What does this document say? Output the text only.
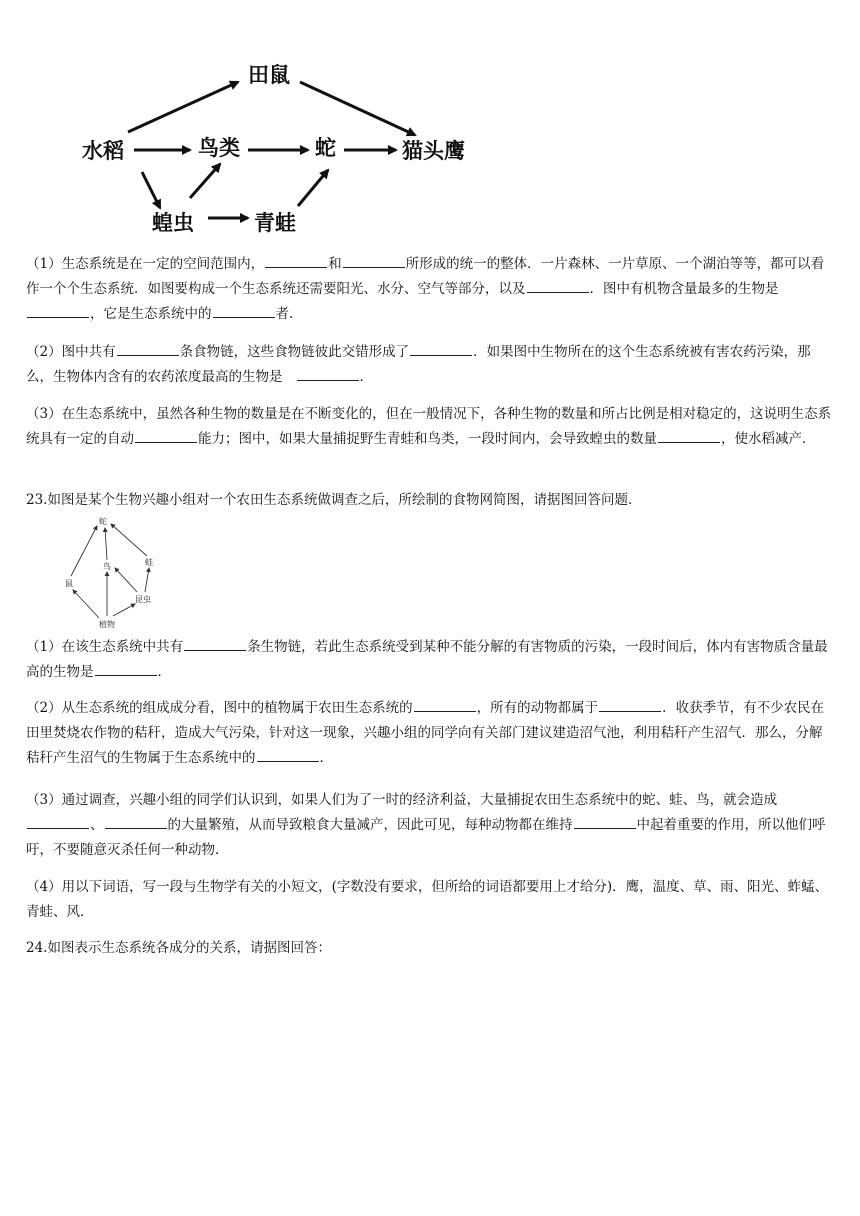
田鼠
水稻	鸟类	蛇	猫头鹰
蝗虫	青蛙

（1）生态系统是在一定的空间范围内，	和	所形成的统一的整体．一片森林、一片草原、一个湖泊等等，都可以看作一个个生态系统．如图要构成一个生态系统还需要阳光、水分、空气等部分，以及	．图中有机物含量最多的生物是，它是生态系统中的	者．

（2）图中共有	条食物链，这些食物链彼此交错形成了	．如果图中生物所在的这个生态系统被有害农药污染，那么，生物体内含有的农药浓度最高的生物是	．

（3）在生态系统中，虽然各种生物的数量是在不断变化的，但在一般情况下，各种生物的数量和所占比例是相对稳定的，这说明生态系统具有一定的自动	能力；图中，如果大量捕捉野生青蛙和鸟类，一段时间内，会导致蝗虫的数量	，使水稻减产．

23.如图是某个生物兴趣小组对一个农田生态系统做调查之后，所绘制的食物网简图，请据图回答问题．

蛇
鸟	蛙
鼠
昆虫
植物

（1）在该生态系统中共有	条生物链，若此生态系统受到某种不能分解的有害物质的污染，一段时间后，体内有害物质含量最高的生物是	．

（2）从生态系统的组成成分看，图中的植物属于农田生态系统的	，所有的动物都属于	．收获季节，有不少农民在田里焚烧农作物的秸秆，造成大气污染，针对这一现象，兴趣小组的同学向有关部门建议建造沼气池，利用秸秆产生沼气．那么，分解秸秆产生沼气的生物属于生态系统中的	．

（3）通过调查，兴趣小组的同学们认识到，如果人们为了一时的经济利益，大量捕捉农田生态系统中的蛇、蛙、鸟，就会造成、	的大量繁殖，从而导致粮食大量减产，因此可见，每种动物都在维持	中起着重要的作用，所以他们呼吁，不要随意灭杀任何一种动物．

（4）用以下词语，写一段与生物学有关的小短文，(字数没有要求，但所给的词语都要用上才给分)．鹰，温度、草、雨、阳光、蚱蜢、青蛙、风．

24.如图表示生态系统各成分的关系，请据图回答：
